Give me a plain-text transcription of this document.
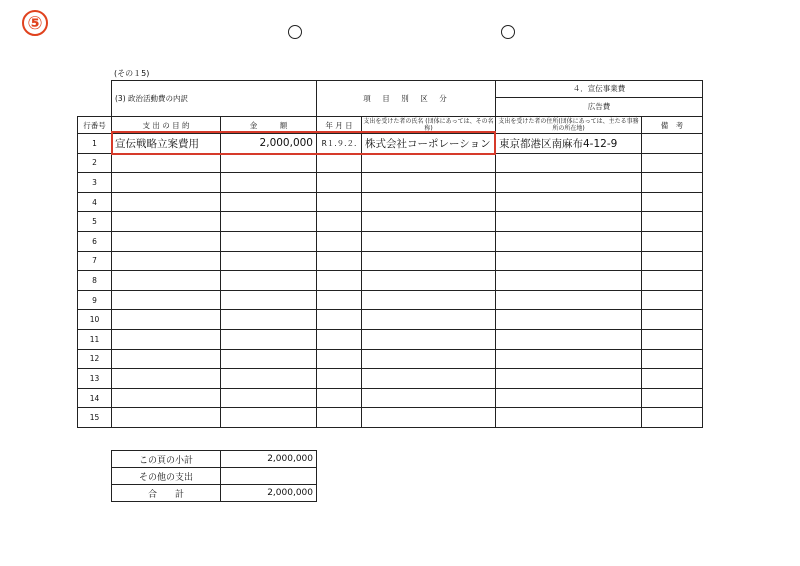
⑤
(その１5)
	(3) 政治活動費の内訳		項　目　別　区　分		４．宣伝事業費
広告費	

行番号	支 出 の 目 的	金　　　額	年 月 日	支出を受けた者の氏名 (団体にあっては、その名称)	支出を受けた者の住所(団体にあっては、主たる事務所の所在地)	備　考
1	宣伝戦略立案費用	2,000,000	R１.９.２.	株式会社コーポレーション	東京都港区南麻布4-12-9	
2						
3						
4						
5						
6						
7						
8						
9						
10						
11						
12						
13						
14						
15						
この頁の小計	2,000,000
その他の支出	
合　　計	2,000,000
